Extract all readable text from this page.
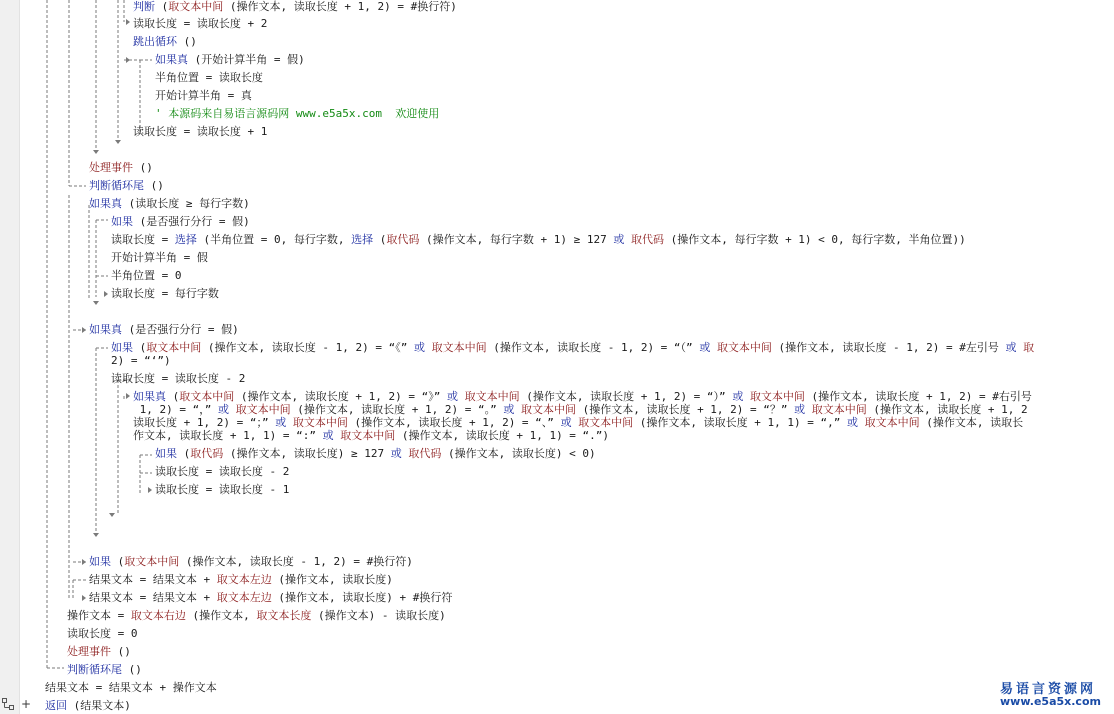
+
判断 (取文本中间 (操作文本, 读取长度 + 1, 2) = #换行符)
读取长度 = 读取长度 + 2
跳出循环 ()
如果真 (开始计算半角 = 假)
半角位置 = 读取长度
开始计算半角 = 真
' 本源码来自易语言源码网 www.e5a5x.com  欢迎使用
读取长度 = 读取长度 + 1
处理事件 ()
判断循环尾 ()
如果真 (读取长度 ≥ 每行字数)
如果 (是否强行分行 = 假)
读取长度 = 选择 (半角位置 = 0, 每行字数, 选择 (取代码 (操作文本, 每行字数 + 1) ≥ 127 或 取代码 (操作文本, 每行字数 + 1) < 0, 每行字数, 半角位置))
开始计算半角 = 假
半角位置 = 0
读取长度 = 每行字数
如果真 (是否强行分行 = 假)
如果 (取文本中间 (操作文本, 读取长度 - 1, 2) = “《” 或 取文本中间 (操作文本, 读取长度 - 1, 2) = “（” 或 取文本中间 (操作文本, 读取长度 - 1, 2) = #左引号 或 取
2) = “‘”)
读取长度 = 读取长度 - 2
如果真 (取文本中间 (操作文本, 读取长度 + 1, 2) = “》” 或 取文本中间 (操作文本, 读取长度 + 1, 2) = “）” 或 取文本中间 (操作文本, 读取长度 + 1, 2) = #右引号
1, 2) = “，” 或 取文本中间 (操作文本, 读取长度 + 1, 2) = “。” 或 取文本中间 (操作文本, 读取长度 + 1, 2) = “？” 或 取文本中间 (操作文本, 读取长度 + 1, 2
读取长度 + 1, 2) = “；” 或 取文本中间 (操作文本, 读取长度 + 1, 2) = “、” 或 取文本中间 (操作文本, 读取长度 + 1, 1) = “,” 或 取文本中间 (操作文本, 读取长
作文本, 读取长度 + 1, 1) = “:” 或 取文本中间 (操作文本, 读取长度 + 1, 1) = “.”)
如果 (取代码 (操作文本, 读取长度) ≥ 127 或 取代码 (操作文本, 读取长度) < 0)
读取长度 = 读取长度 - 2
读取长度 = 读取长度 - 1
如果 (取文本中间 (操作文本, 读取长度 - 1, 2) = #换行符)
结果文本 = 结果文本 + 取文本左边 (操作文本, 读取长度)
结果文本 = 结果文本 + 取文本左边 (操作文本, 读取长度) + #换行符
操作文本 = 取文本右边 (操作文本, 取文本长度 (操作文本) - 读取长度)
读取长度 = 0
处理事件 ()
判断循环尾 ()
结果文本 = 结果文本 + 操作文本
返回 (结果文本)
易语言资源网
www.e5a5x.com
